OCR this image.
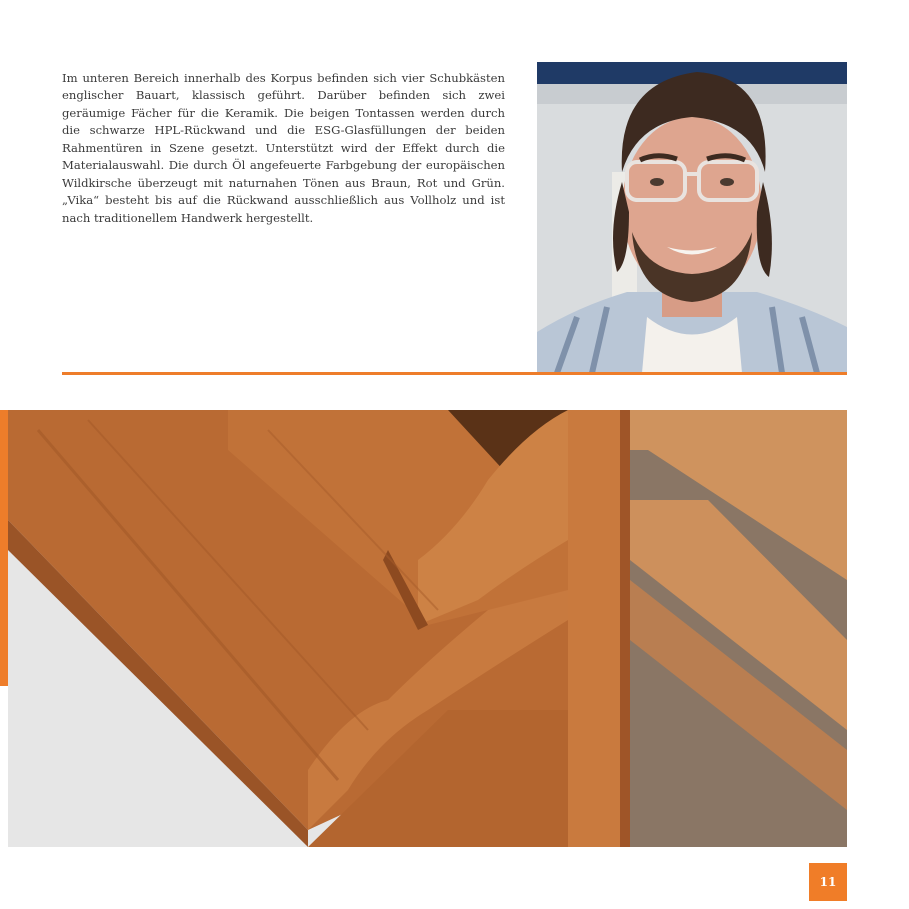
Im unteren Bereich innerhalb des Korpus befinden sich vier Schubkästen englischer Bauart, klassisch geführt. Darüber befinden sich zwei geräumige Fächer für die Keramik. Die beigen Tontassen werden durch die schwarze HPL-Rückwand und die ESG-Glasfüllungen der beiden Rahmentüren in Szene gesetzt. Unterstützt wird der Effekt durch die Materialauswahl. Die durch Öl angefeuerte Farbgebung der europäischen Wildkirsche überzeugt mit naturnahen Tönen aus Braun, Rot und Grün. „Vika“ besteht bis auf die Rückwand ausschließlich aus Vollholz und ist nach traditionellem Handwerk hergestellt.

11
